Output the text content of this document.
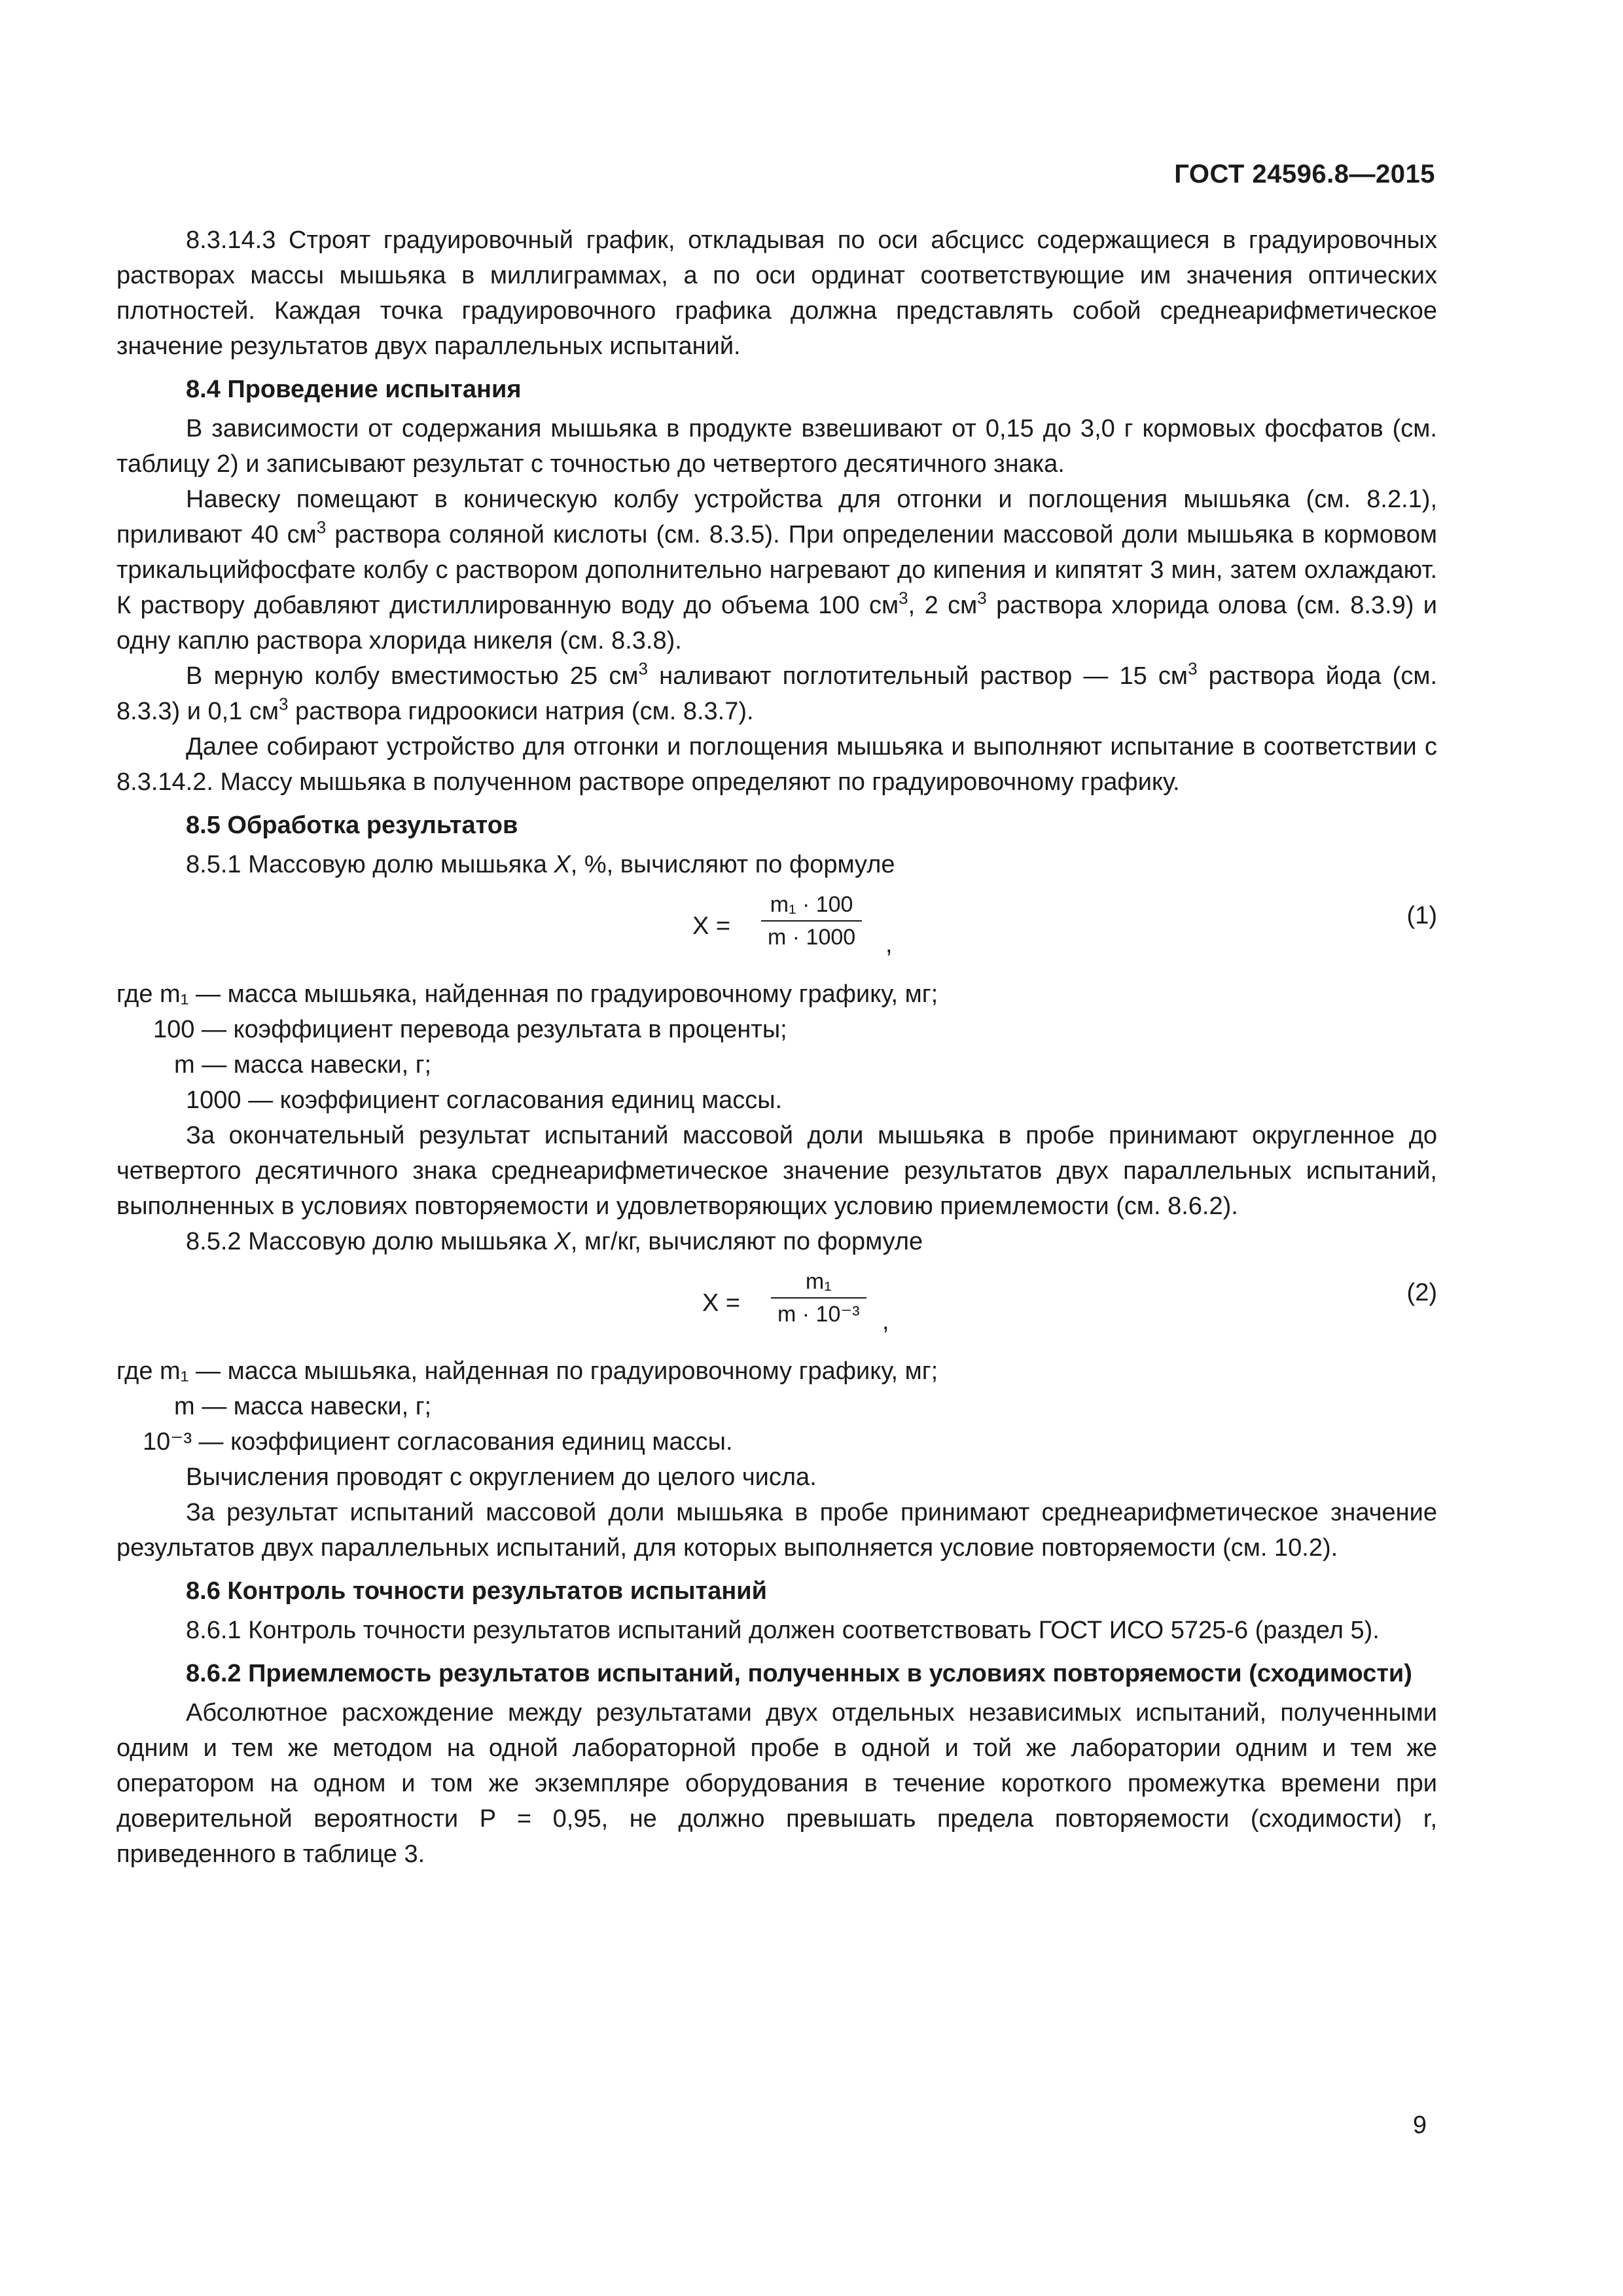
ГОСТ 24596.8—2015

8.3.14.3 Строят градуировочный график, откладывая по оси абсцисс содержащиеся в градуировочных растворах массы мышьяка в миллиграммах, а по оси ординат соответствующие им значения оптических плотностей. Каждая точка градуировочного графика должна представлять собой среднеарифметическое значение результатов двух параллельных испытаний.

8.4 Проведение испытания

В зависимости от содержания мышьяка в продукте взвешивают от 0,15 до 3,0 г кормовых фосфатов (см. таблицу 2) и записывают результат с точностью до четвертого десятичного знака.

Навеску помещают в коническую колбу устройства для отгонки и поглощения мышьяка (см. 8.2.1), приливают 40 $см^3$ раствора соляной кислоты (см. 8.3.5). При определении массовой доли мышьяка в кормовом трикальцийфосфате колбу с раствором дополнительно нагревают до кипения и кипятят 3 мин, затем охлаждают. К раствору добавляют дистиллированную воду до объема 100 $см^3$, 2 $см^3$ раствора хлорида олова (см. 8.3.9) и одну каплю раствора хлорида никеля (см. 8.3.8).

В мерную колбу вместимостью 25 $см^3$ наливают поглотительный раствор — 15 $см^3$ раствора йода (см. 8.3.3) и 0,1 $см^3$ раствора гидроокиси натрия (см. 8.3.7).

Далее собирают устройство для отгонки и поглощения мышьяка и выполняют испытание в соответствии с 8.3.14.2. Массу мышьяка в полученном растворе определяют по градуировочному графику.

8.5 Обработка результатов

8.5.1 Массовую долю мышьяка X, %, вычисляют по формуле

X =
m₁ · 100
m · 1000 ,
(1)

где m₁ — масса мышьяка, найденная по градуировочному графику, мг;

100 — коэффициент перевода результата в проценты;

m — масса навески, г;

1000 — коэффициент согласования единиц массы.

За окончательный результат испытаний массовой доли мышьяка в пробе принимают округленное до четвертого десятичного знака среднеарифметическое значение результатов двух параллельных испытаний, выполненных в условиях повторяемости и удовлетворяющих условию приемлемости (см. 8.6.2).

8.5.2 Массовую долю мышьяка X, мг/кг, вычисляют по формуле

X =
m₁
m · 10⁻³ ,
(2)

где m₁ — масса мышьяка, найденная по градуировочному графику, мг;

m — масса навески, г;

10⁻³ — коэффициент согласования единиц массы.

Вычисления проводят с округлением до целого числа.

За результат испытаний массовой доли мышьяка в пробе принимают среднеарифметическое значение результатов двух параллельных испытаний, для которых выполняется условие повторяемости (см. 10.2).

8.6 Контроль точности результатов испытаний

8.6.1 Контроль точности результатов испытаний должен соответствовать ГОСТ ИСО 5725-6 (раздел 5).

8.6.2 Приемлемость результатов испытаний, полученных в условиях повторяемости (сходимости)

Абсолютное расхождение между результатами двух отдельных независимых испытаний, полученными одним и тем же методом на одной лабораторной пробе в одной и той же лаборатории одним и тем же оператором на одном и том же экземпляре оборудования в течение короткого промежутка времени при доверительной вероятности P = 0,95, не должно превышать предела повторяемости (сходимости) r, приведенного в таблице 3.

9
